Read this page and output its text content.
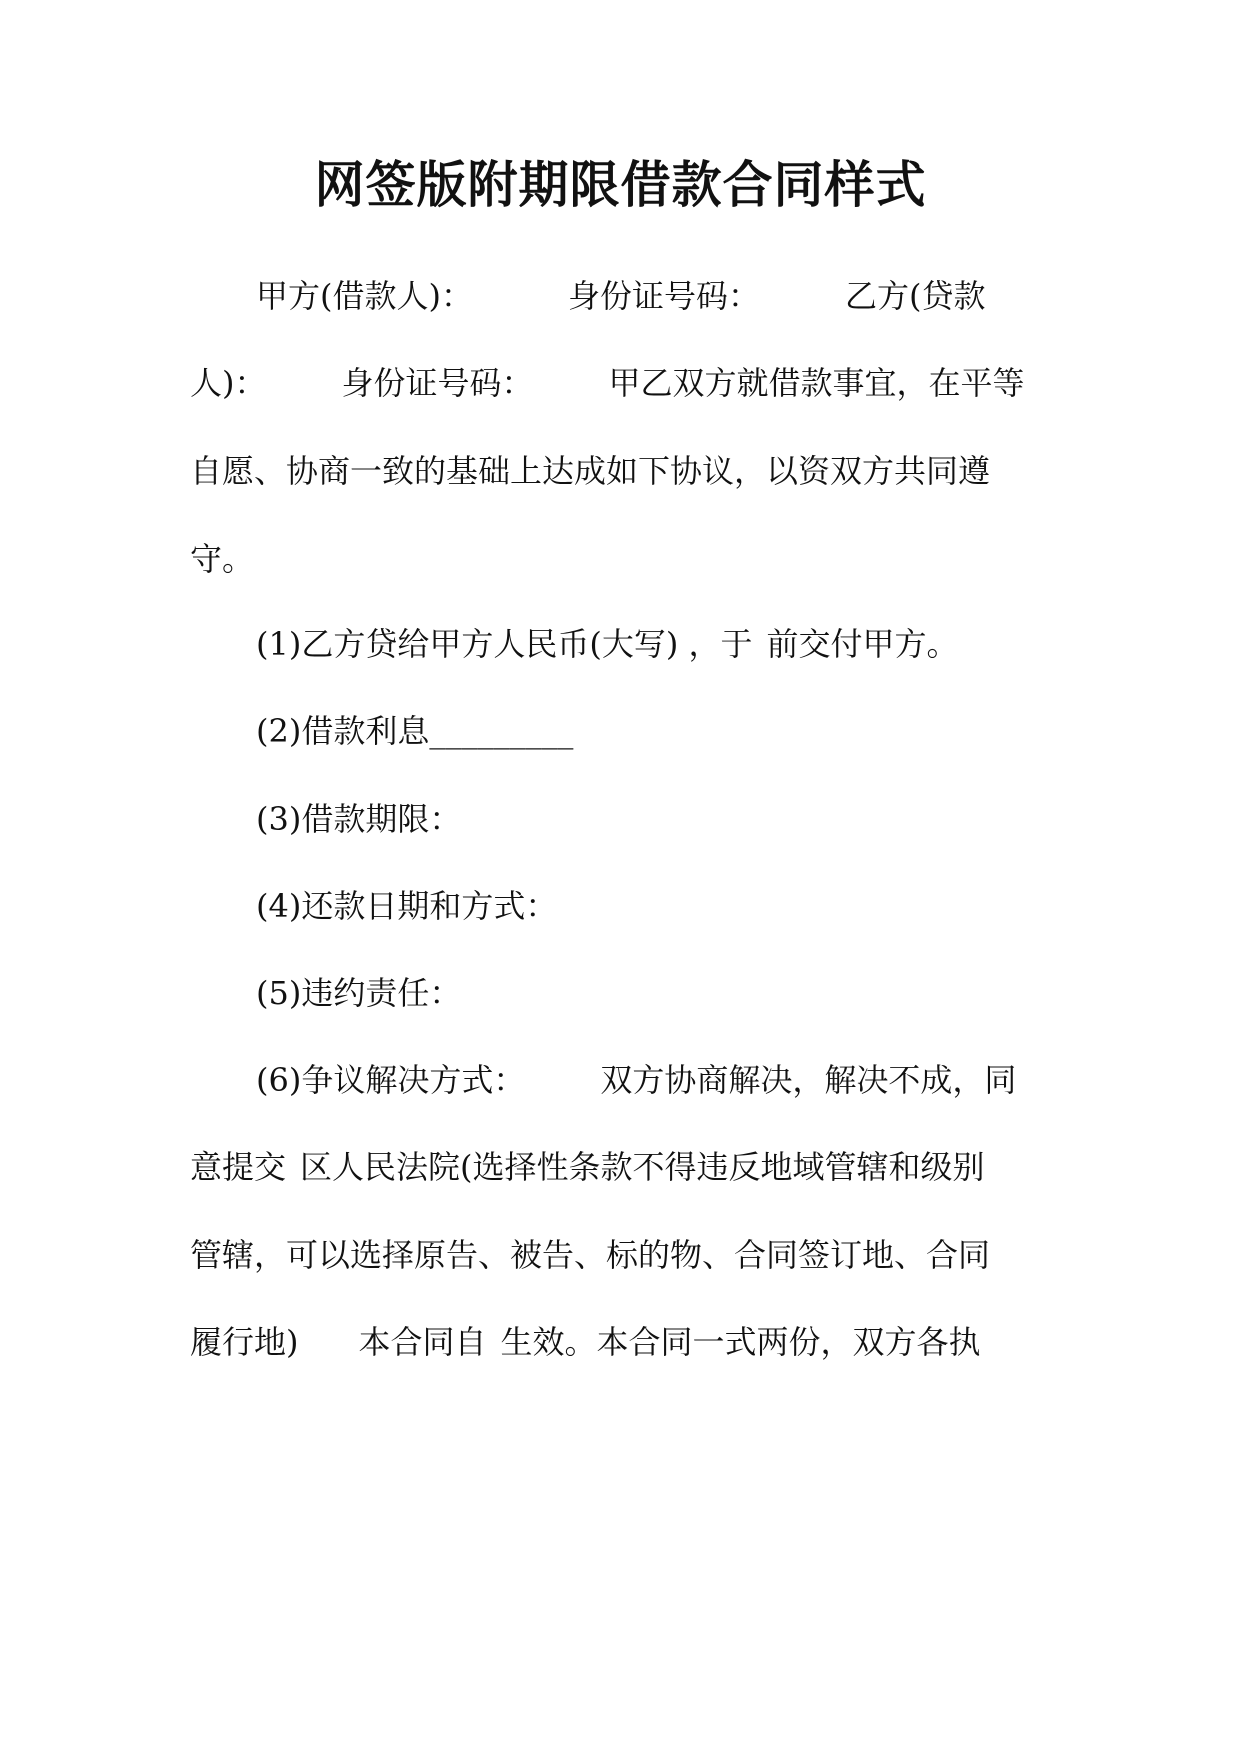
网签版附期限借款合同样式
甲方(借款人)：	身份证号码：	乙方(贷款
人)： 身份证号码： 甲乙双方就借款事宜，在平等
自愿、协商一致的基础上达成如下协议，以资双方共同遵
守。
(1)乙方贷给甲方人民币(大写) ，于 前交付甲方。
(2)借款利息_________
(3)借款期限：
(4)还款日期和方式：
(5)违约责任：
(6)争议解决方式： 双方协商解决，解决不成，同
意提交 区人民法院(选择性条款不得违反地域管辖和级别
管辖，可以选择原告、被告、标的物、合同签订地、合同
履行地) 本合同自 生效。本合同一式两份，双方各执
